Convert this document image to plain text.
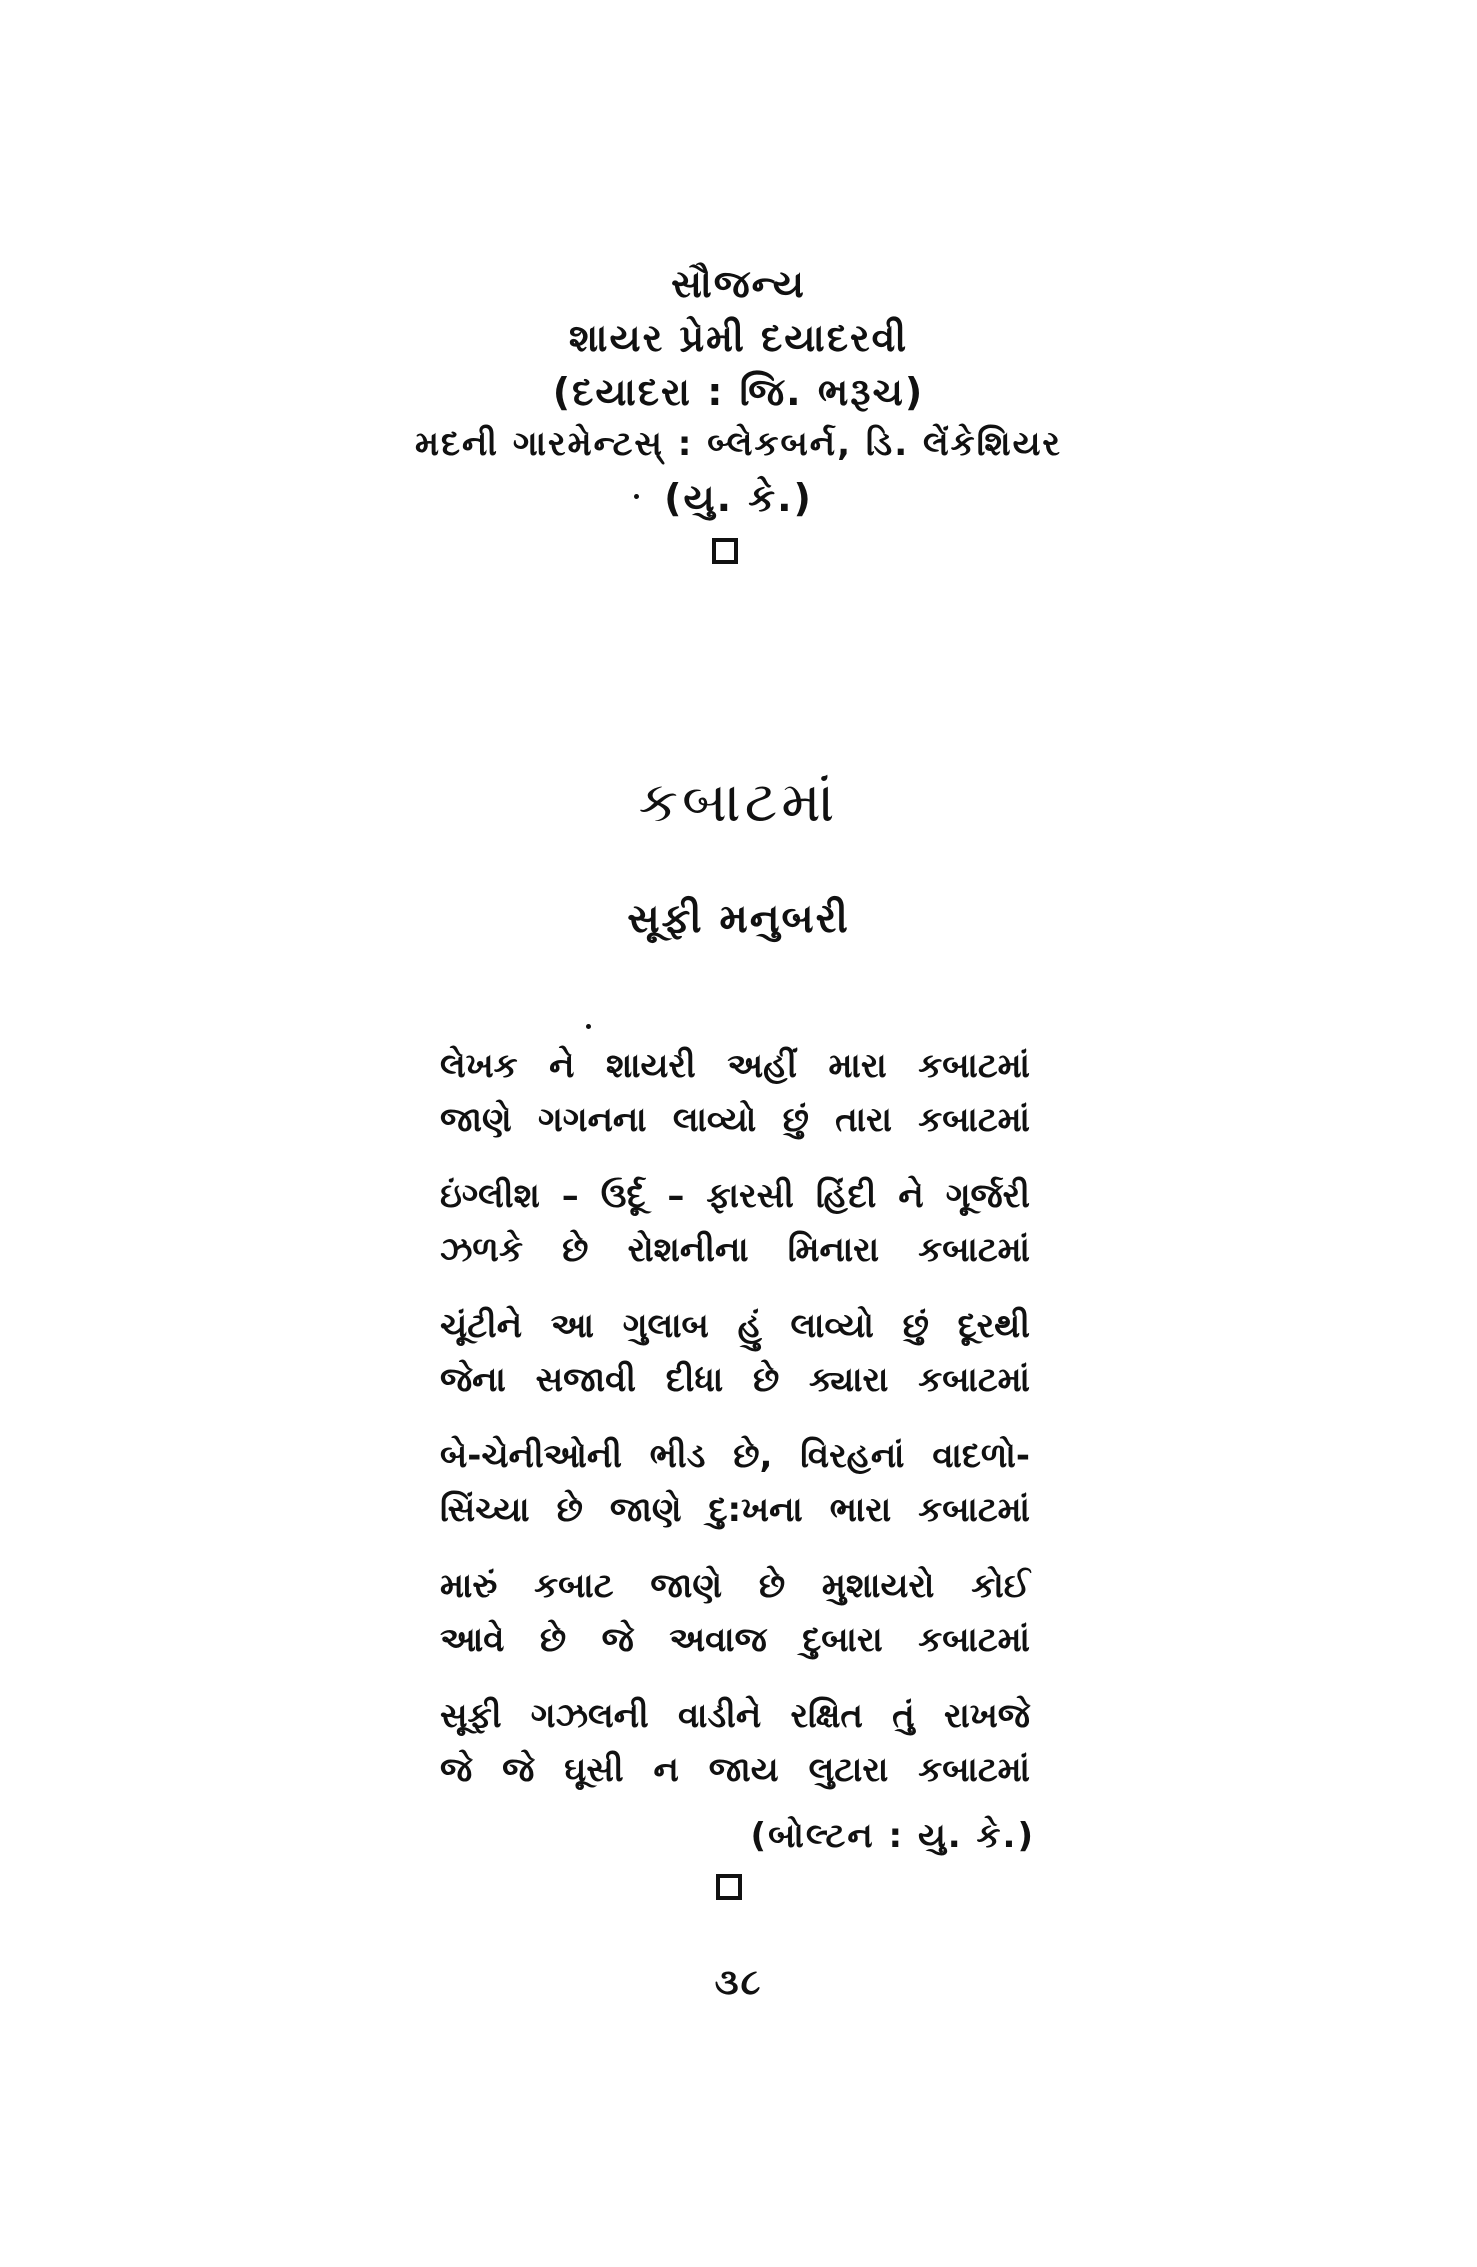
સૌજન્ય
શાયર પ્રેમી દયાદરવી
(દયાદરા : જિ. ભરૂચ)
મદની ગારમેન્ટસ્ : બ્લેકબર્ન, ડિ. લેંકેશિયર
(યુ. કે.)
કબાટમાં
સૂફી મનુબરી
લેખક ને શાયરી અહીં મારા કબાટમાં
જાણે ગગનના લાવ્યો છું તારા કબાટમાં
ઇંગ્લીશ – ઉર્દૂ – ફારસી હિંદી ને ગૂર્જરી
ઝળકે છે રોશનીના મિનારા કબાટમાં
ચૂંટીને આ ગુલાબ હું લાવ્યો છું દૂરથી
જેના સજાવી દીધા છે ક્યારા કબાટમાં
બે-ચેનીઓની ભીડ છે, વિરહનાં વાદળો-
સિંચ્યા છે જાણે દુ:ખના ભારા કબાટમાં
મારું કબાટ જાણે છે મુશાયરો કોઈ
આવે છે જે અવાજ દુબારા કબાટમાં
સૂફી ગઝલની વાડીને રક્ષિત તું રાખજે
જે જે ઘૂસી ન જાય લુટારા કબાટમાં
(બોલ્ટન : યુ. કે.)
૩૮
